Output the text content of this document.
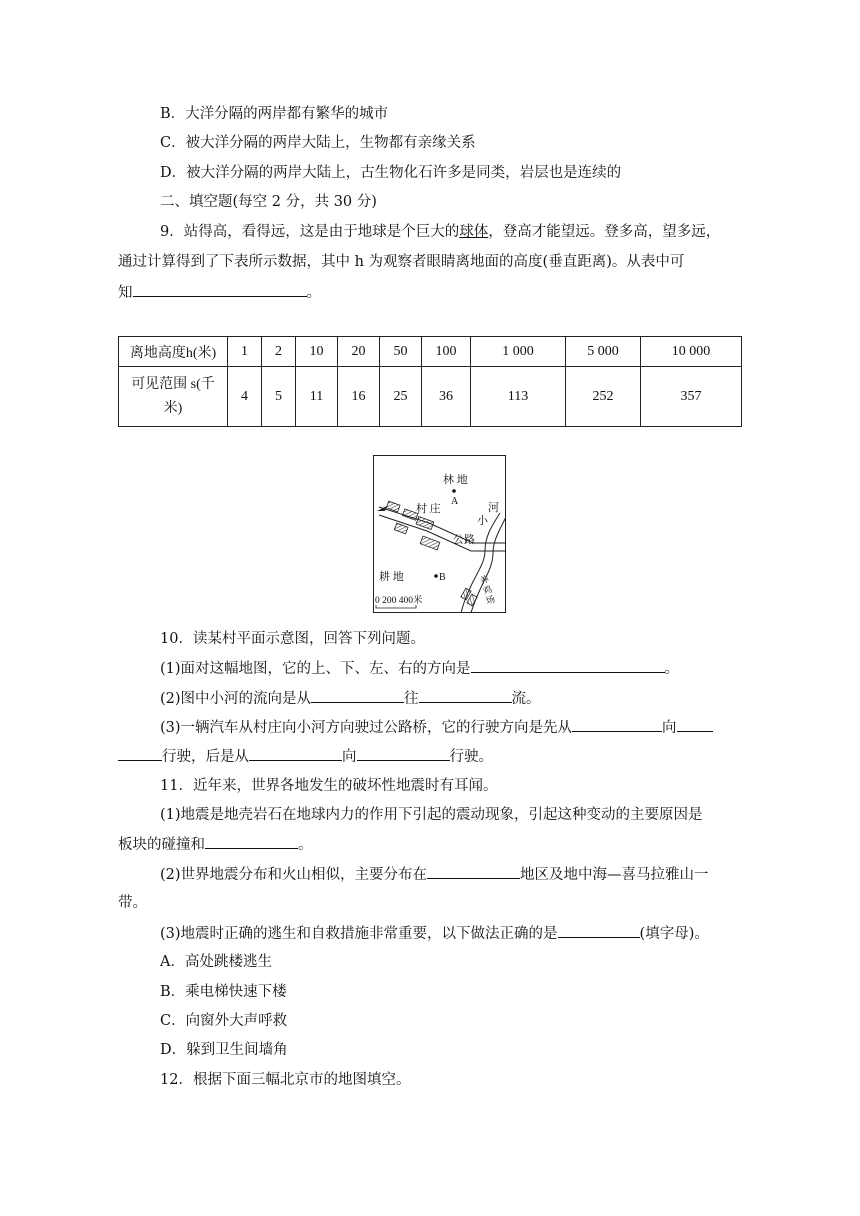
B．大洋分隔的两岸都有繁华的城市
C．被大洋分隔的两岸大陆上，生物都有亲缘关系
D．被大洋分隔的两岸大陆上，古生物化石许多是同类，岩层也是连续的
二、填空题(每空 2 分，共 30 分)
9．站得高，看得远，这是由于地球是个巨大的球体，登高才能望远。登多高，望多远，
通过计算得到了下表所示数据，其中 h 为观察者眼睛离地面的高度(垂直距离)。从表中可
知	。
离地高度h(米)	1	2	10	20	50	100	1 000	5 000	10 000
可见范围 s(千
米)	4	5	11	16	25	36	113	252	357
林 地
A
村 庄	河
小
公路
耕 地	B	养
鸡
场
0 200 400米
10．读某村平面示意图，回答下列问题。
(1)面对这幅地图，它的上、下、左、右的方向是	。
(2)图中小河的流向是从	往	流。
(3)一辆汽车从村庄向小河方向驶过公路桥，它的行驶方向是先从	向
行驶，后是从	向	行驶。
11．近年来，世界各地发生的破坏性地震时有耳闻。
(1)地震是地壳岩石在地球内力的作用下引起的震动现象，引起这种变动的主要原因是
板块的碰撞和	。
(2)世界地震分布和火山相似，主要分布在	地区及地中海—喜马拉雅山一
带。
(3)地震时正确的逃生和自救措施非常重要，以下做法正确的是	(填字母)。
A．高处跳楼逃生
B．乘电梯快速下楼
C．向窗外大声呼救
D．躲到卫生间墙角
12．根据下面三幅北京市的地图填空。
